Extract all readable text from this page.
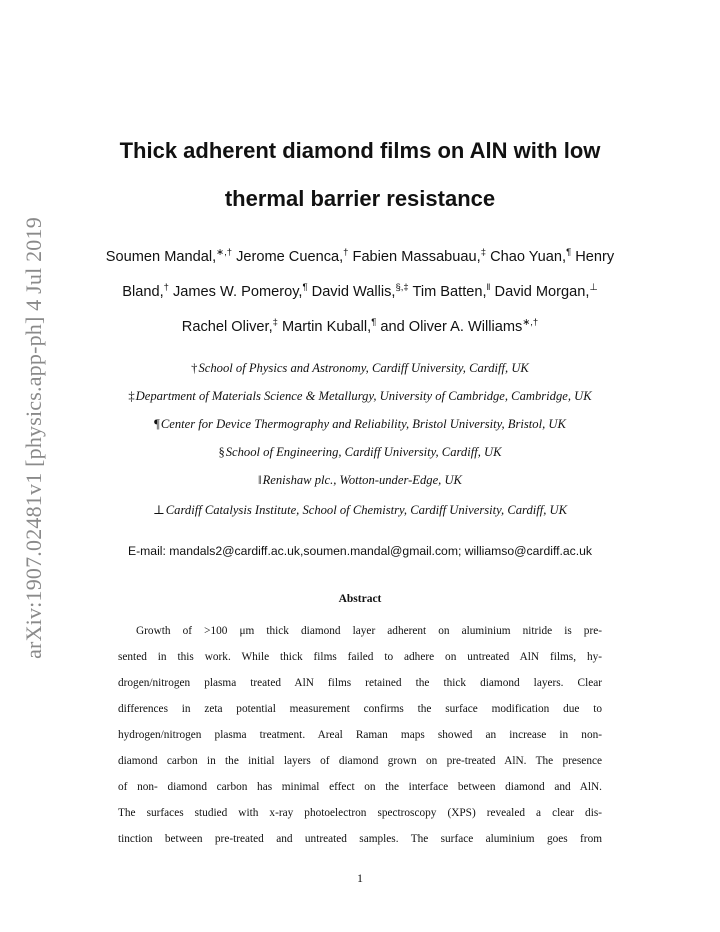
arXiv:1907.02481v1 [physics.app-ph] 4 Jul 2019
Thick adherent diamond films on AlN with low
thermal barrier resistance
Soumen Mandal,∗,† Jerome Cuenca,† Fabien Massabuau,‡ Chao Yuan,¶ Henry
Bland,† James W. Pomeroy,¶ David Wallis,§,‡ Tim Batten,‖ David Morgan,⊥
Rachel Oliver,‡ Martin Kuball,¶ and Oliver A. Williams∗,†
†School of Physics and Astronomy, Cardiff University, Cardiff, UK
‡Department of Materials Science & Metallurgy, University of Cambridge, Cambridge, UK
¶Center for Device Thermography and Reliability, Bristol University, Bristol, UK
§School of Engineering, Cardiff University, Cardiff, UK
‖Renishaw plc., Wotton-under-Edge, UK
⊥Cardiff Catalysis Institute, School of Chemistry, Cardiff University, Cardiff, UK
E-mail: mandals2@cardiff.ac.uk,soumen.mandal@gmail.com; williamso@cardiff.ac.uk
Abstract
Growth of >100 μm thick diamond layer adherent on aluminium nitride is pre-
sented in this work. While thick films failed to adhere on untreated AlN films, hy-
drogen/nitrogen plasma treated AlN films retained the thick diamond layers. Clear
differences in zeta potential measurement confirms the surface modification due to
hydrogen/nitrogen plasma treatment. Areal Raman maps showed an increase in non-
diamond carbon in the initial layers of diamond grown on pre-treated AlN. The presence
of non- diamond carbon has minimal effect on the interface between diamond and AlN.
The surfaces studied with x-ray photoelectron spectroscopy (XPS) revealed a clear dis-
tinction between pre-treated and untreated samples. The surface aluminium goes from
1
